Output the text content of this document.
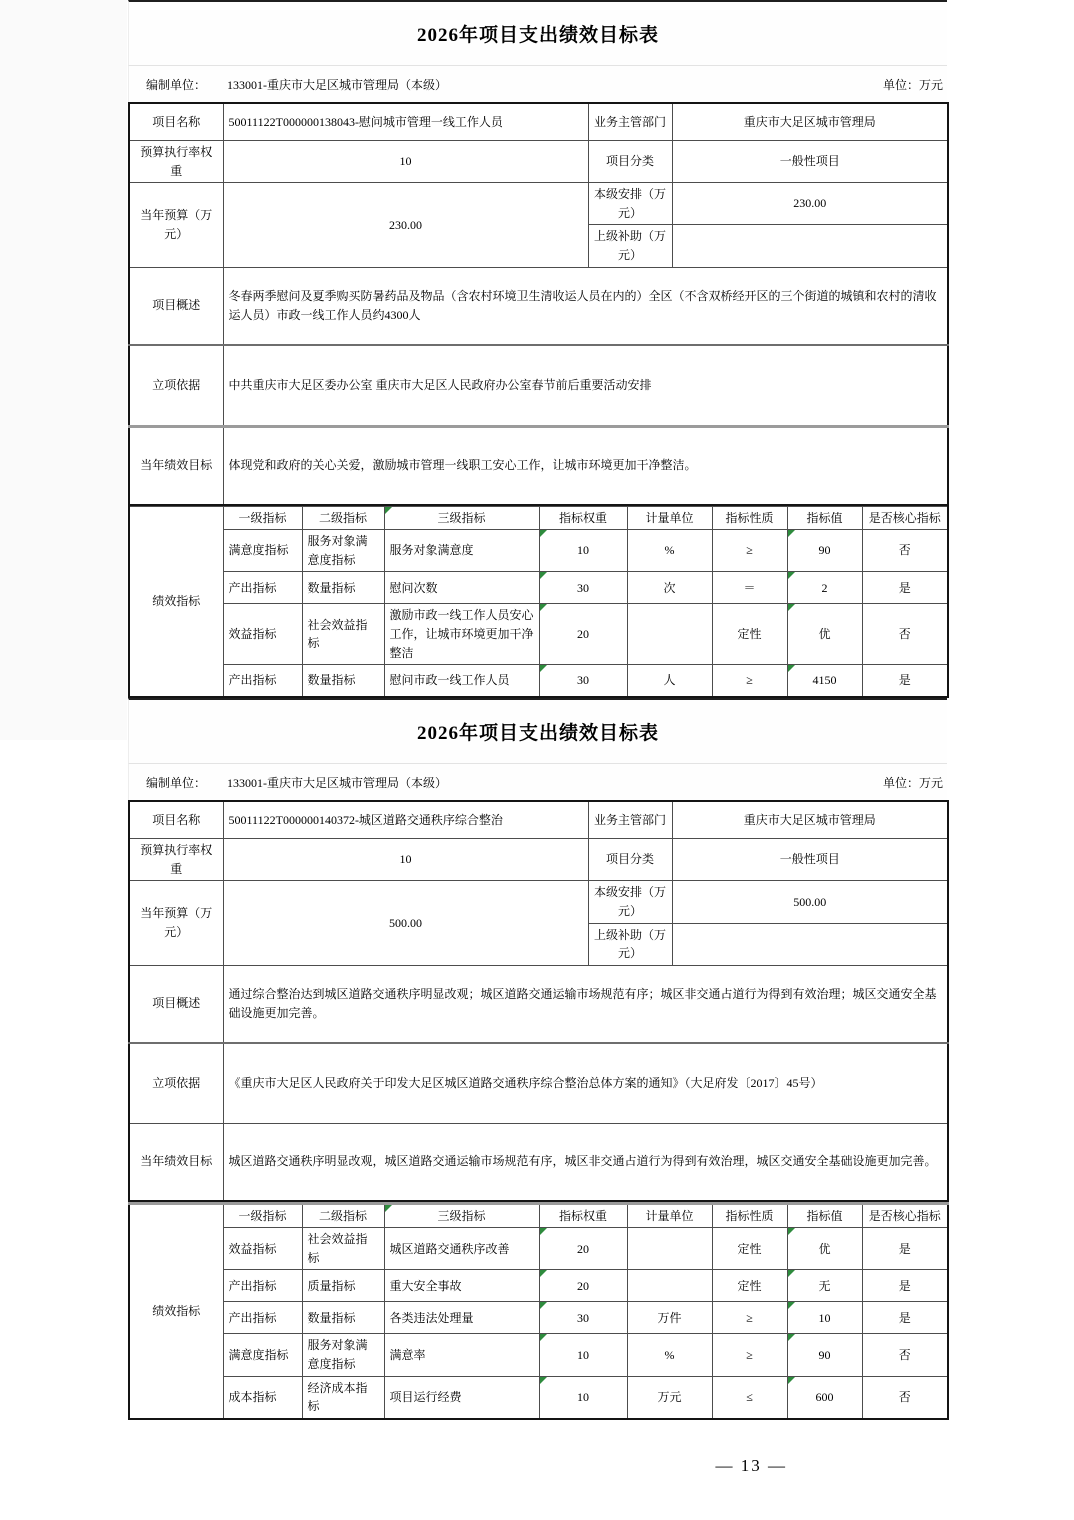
2026年项目支出绩效目标表
编制单位：	133001-重庆市大足区城市管理局（本级）	单位：万元
项目名称	50011122T000000138043-慰问城市管理一线工作人员	业务主管部门	重庆市大足区城市管理局
预算执行率权重	10	项目分类	一般性项目
当年预算（万元）	230.00	本级安排（万元）	230.00
		上级补助（万元）	
项目概述	冬春两季慰问及夏季购买防暑药品及物品（含农村环境卫生清收运人员在内的）全区（不含双桥经开区的三个街道的城镇和农村的清收运人员）市政一线工作人员约4300人		
立项依据	中共重庆市大足区委办公室 重庆市大足区人民政府办公室春节前后重要活动安排		
当年绩效目标	体现党和政府的关心关爱，激励城市管理一线职工安心工作，让城市环境更加干净整洁。		
绩效指标	一级指标	二级指标	三级指标	指标权重	计量单位	指标性质	指标值	是否核心指标
	满意度指标	服务对象满意度指标	服务对象满意度	10	%	≥	90	否
	产出指标	数量指标	慰问次数	30	次	＝	2	是
	效益指标	社会效益指标	激励市政一线工作人员安心工作，让城市环境更加干净整洁	20		定性	优	否
	产出指标	数量指标	慰问市政一线工作人员	30	人	≥	4150	是
2026年项目支出绩效目标表
编制单位：	133001-重庆市大足区城市管理局（本级）	单位：万元
项目名称	50011122T000000140372-城区道路交通秩序综合整治	业务主管部门	重庆市大足区城市管理局
预算执行率权重	10	项目分类	一般性项目
当年预算（万元）	500.00	本级安排（万元）	500.00
		上级补助（万元）	
项目概述	通过综合整治达到城区道路交通秩序明显改观；城区道路交通运输市场规范有序；城区非交通占道行为得到有效治理；城区交通安全基础设施更加完善。		
立项依据	《重庆市大足区人民政府关于印发大足区城区道路交通秩序综合整治总体方案的通知》（大足府发〔2017〕45号）		
当年绩效目标	城区道路交通秩序明显改观，城区道路交通运输市场规范有序，城区非交通占道行为得到有效治理，城区交通安全基础设施更加完善。		
绩效指标	一级指标	二级指标	三级指标	指标权重	计量单位	指标性质	指标值	是否核心指标
	效益指标	社会效益指标	城区道路交通秩序改善	20		定性	优	是
	产出指标	质量指标	重大安全事故	20		定性	无	是
	产出指标	数量指标	各类违法处理量	30	万件	≥	10	是
	满意度指标	服务对象满意度指标	满意率	10	%	≥	90	否
	成本指标	经济成本指标	项目运行经费	10	万元	≤	600	否
— 13 —
